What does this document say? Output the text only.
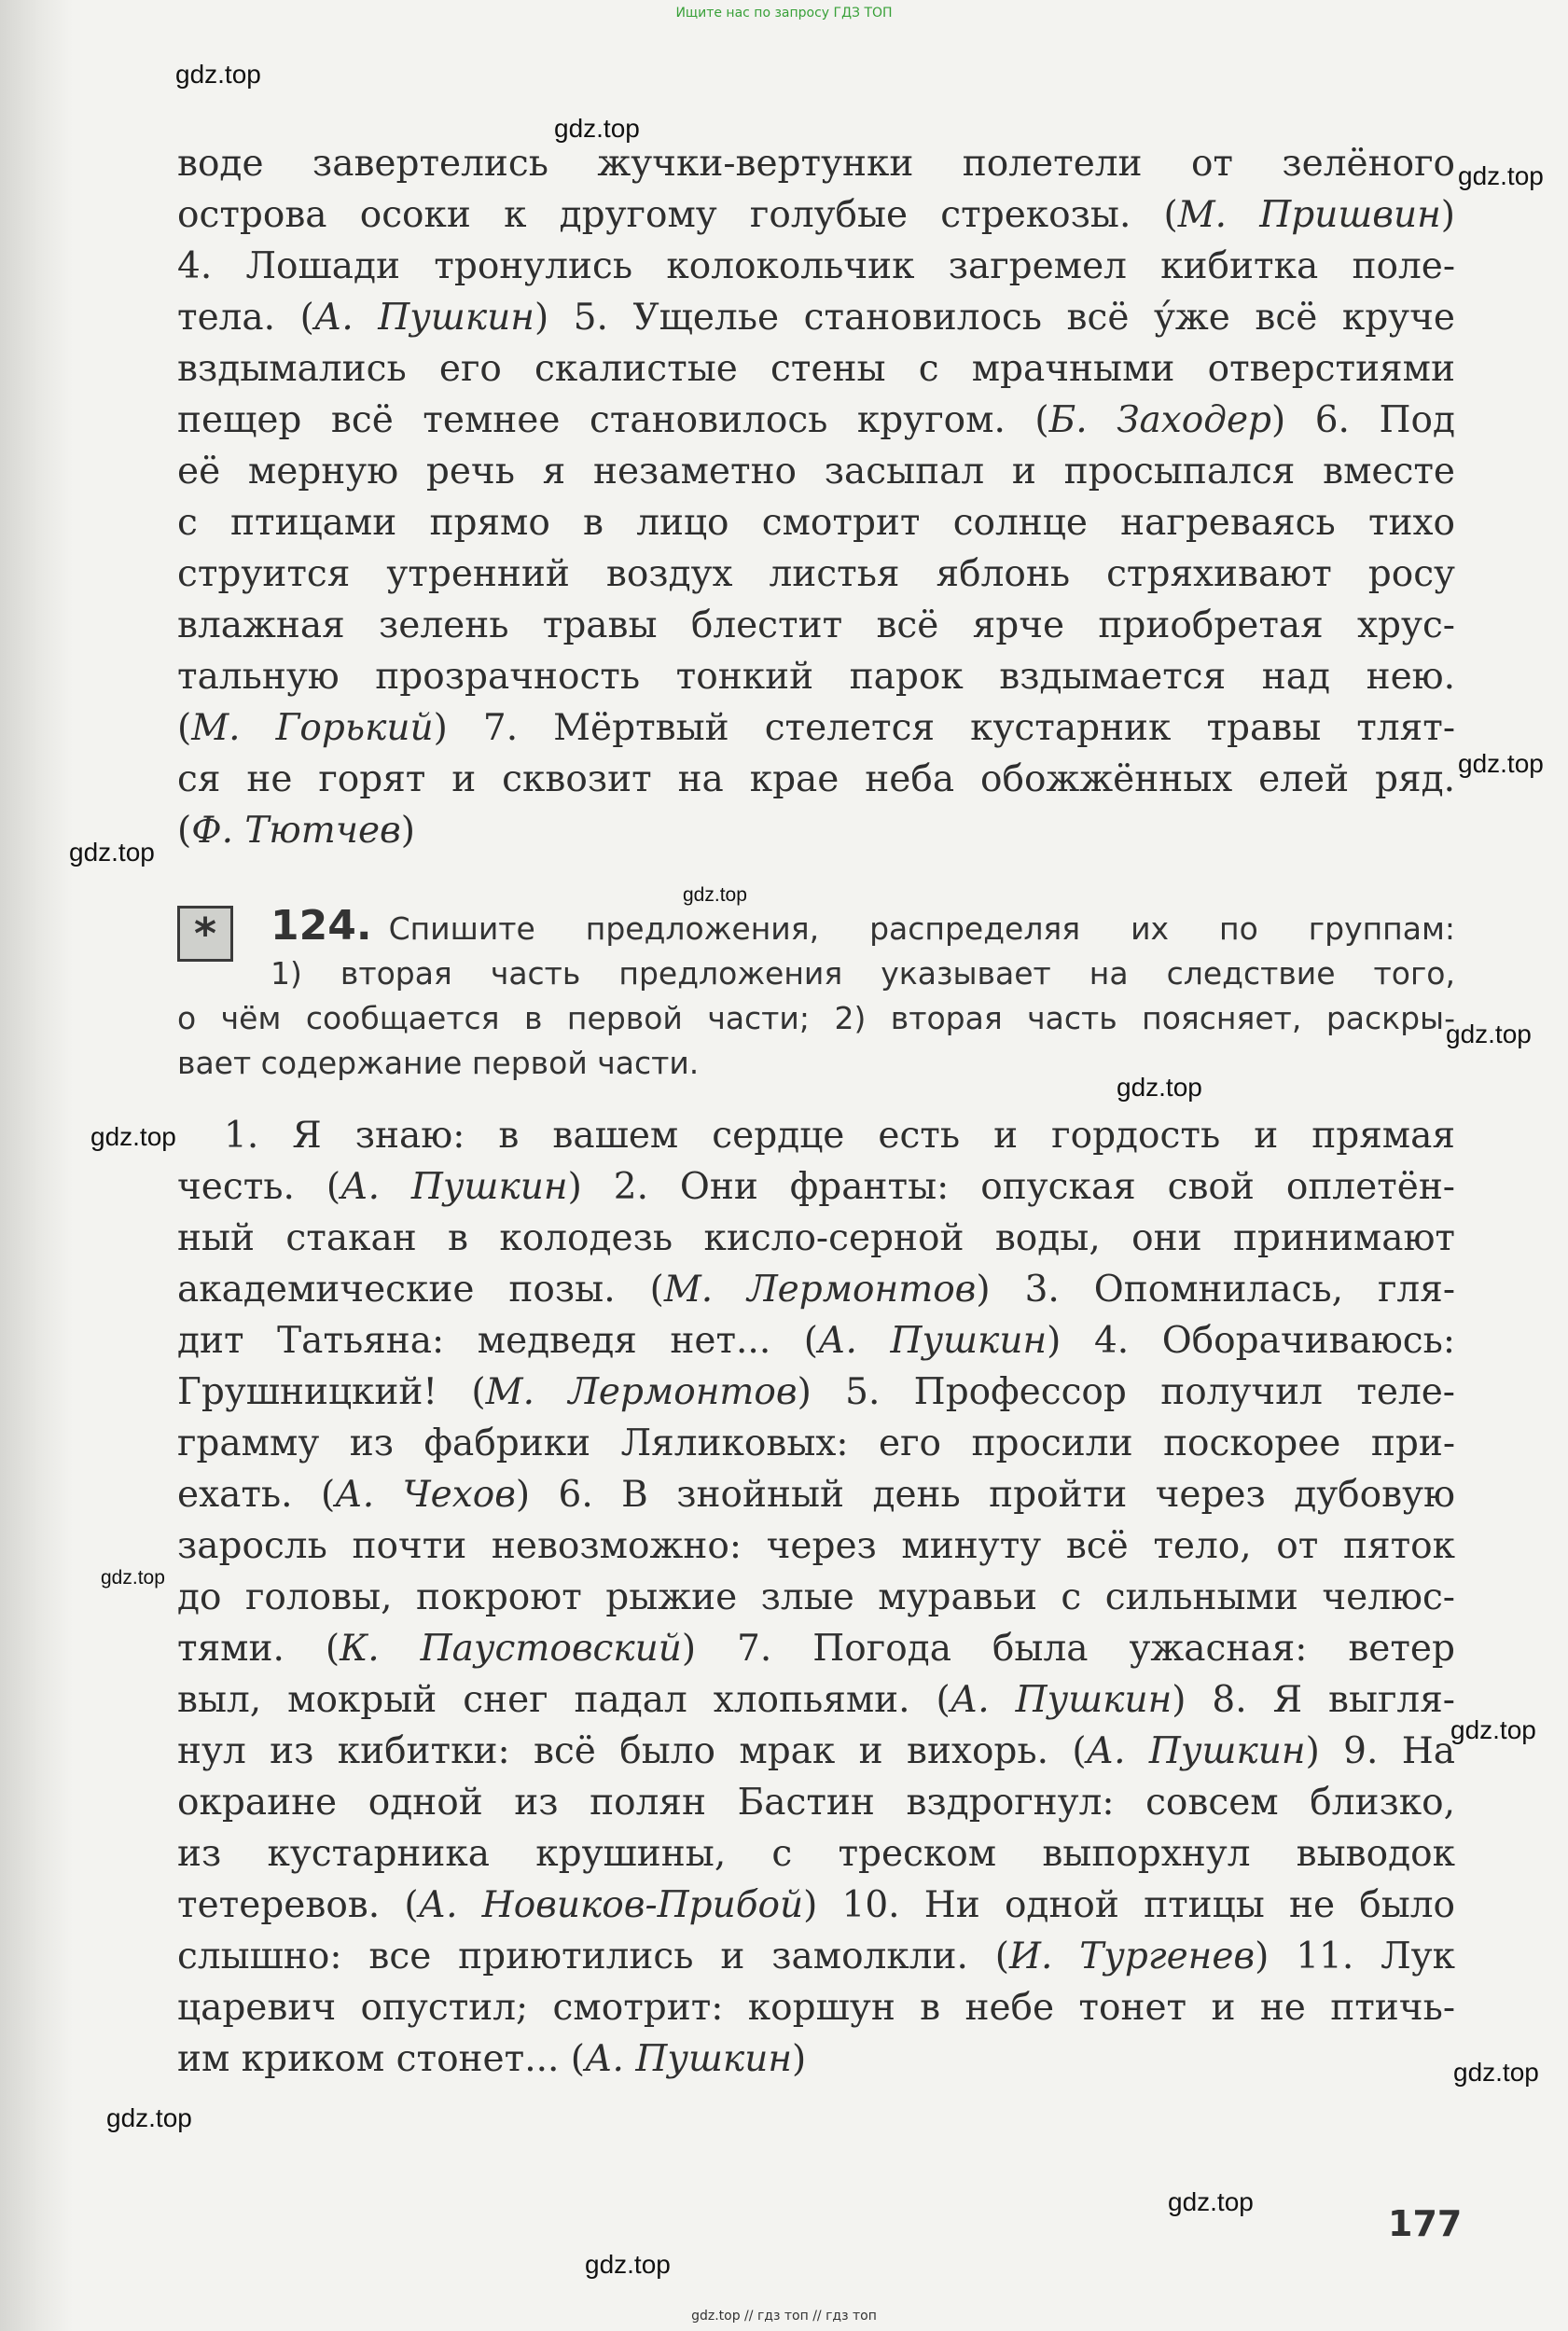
Ищите нас по запросу ГДЗ ТОП
gdz.top
gdz.top
gdz.top
gdz.top
gdz.top
gdz.top
gdz.top
gdz.top
gdz.top
gdz.top
gdz.top
gdz.top
gdz.top
gdz.top
gdz.top
воде завертелись жучки-вертунки полетели от зелёного
острова осоки к другому голубые стрекозы. (М. Пришвин)
4. Лошади тронулись колокольчик загремел кибитка поле-
тела. (А. Пушкин) 5. Ущелье становилось всё у́же всё круче
вздымались его скалистые стены с мрачными отверстиями
пещер всё темнее становилось кругом. (Б. Заходер) 6. Под
её мерную речь я незаметно засыпал и просыпался вместе
с птицами прямо в лицо смотрит солнце нагреваясь тихо
струится утренний воздух листья яблонь стряхивают росу
влажная зелень травы блестит всё ярче приобретая хрус-
тальную прозрачность тонкий парок вздымается над нею.
(М. Горький) 7. Мёртвый стелется кустарник травы тлят-
ся не горят и сквозит на крае неба обожжённых елей ряд.
(Ф. Тютчев)
*	124. Спишите предложения, распределяя их по группам:
1) вторая часть предложения указывает на следствие того,
о чём сообщается в первой части; 2) вторая часть поясняет, раскры-
вает содержание первой части.
1. Я знаю: в вашем сердце есть и гордость и прямая
честь. (А. Пушкин) 2. Они франты: опуская свой оплетён-
ный стакан в колодезь кисло-серной воды, они принимают
академические позы. (М. Лермонтов) 3. Опомнилась, гля-
дит Татьяна: медведя нет... (А. Пушкин) 4. Оборачиваюсь:
Грушницкий! (М. Лермонтов) 5. Профессор получил теле-
грамму из фабрики Ляликовых: его просили поскорее при-
ехать. (А. Чехов) 6. В знойный день пройти через дубовую
заросль почти невозможно: через минуту всё тело, от пяток
до головы, покроют рыжие злые муравьи с сильными челюс-
тями. (К. Паустовский) 7. Погода была ужасная: ветер
выл, мокрый снег падал хлопьями. (А. Пушкин) 8. Я выгля-
нул из кибитки: всё было мрак и вихорь. (А. Пушкин) 9. На
окраине одной из полян Бастин вздрогнул: совсем близко,
из кустарника крушины, с треском выпорхнул выводок
тетеревов. (А. Новиков-Прибой) 10. Ни одной птицы не было
слышно: все приютились и замолкли. (И. Тургенев) 11. Лук
царевич опустил; смотрит: коршун в небе тонет и не птичь-
им криком стонет... (А. Пушкин)
177
gdz.top // гдз топ // гдз топ
